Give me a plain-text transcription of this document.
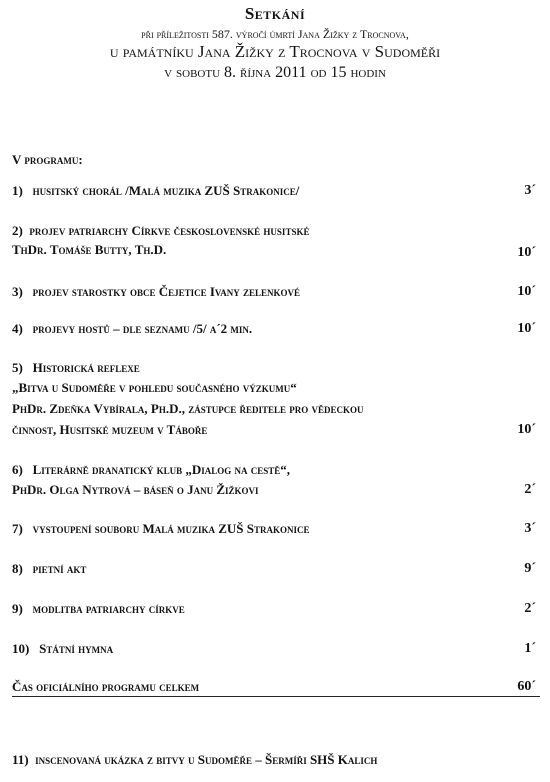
Setkání
při příležitosti 587. výročí úmrtí Jana Žižky z Trocnova,
u památníku Jana Žižky z Trocnova v Sudoměři
v sobotu 8. října 2011 od 15 hodin
V programu:
1) husitský chorál /Malá muzika ZUŠ Strakonice/	3´
2) projev patriarchy Církve československé husitské
ThDr. Tomáše Butty, Th.D.	10´
3) projev starostky obce Čejetice Ivany zelenkové	10´
4) projevy hostů – dle seznamu /5/ a´2 min.	10´
5) Historická reflexe
„Bitva u Sudoměře v pohledu současného výzkumu“
PhDr. Zdeňka Vybírala, Ph.D., zástupce ředitele pro vědeckou
činnost, Husitské muzeum v Táboře	10´
6) Literárně dranatický klub „Dialog na cestě“,
PhDr. Olga Nytrová – báseň o Janu Žižkovi	2´
7) vystoupení souboru Malá muzika ZUŠ Strakonice	3´
8) pietní akt	9´
9) modlitba patriarchy církve	2´
10) Státní hymna	1´
Čas oficiálního programu celkem	60´
11) inscenovaná ukázka z bitvy u Sudoměře – Šermíři SHŠ Kalich
